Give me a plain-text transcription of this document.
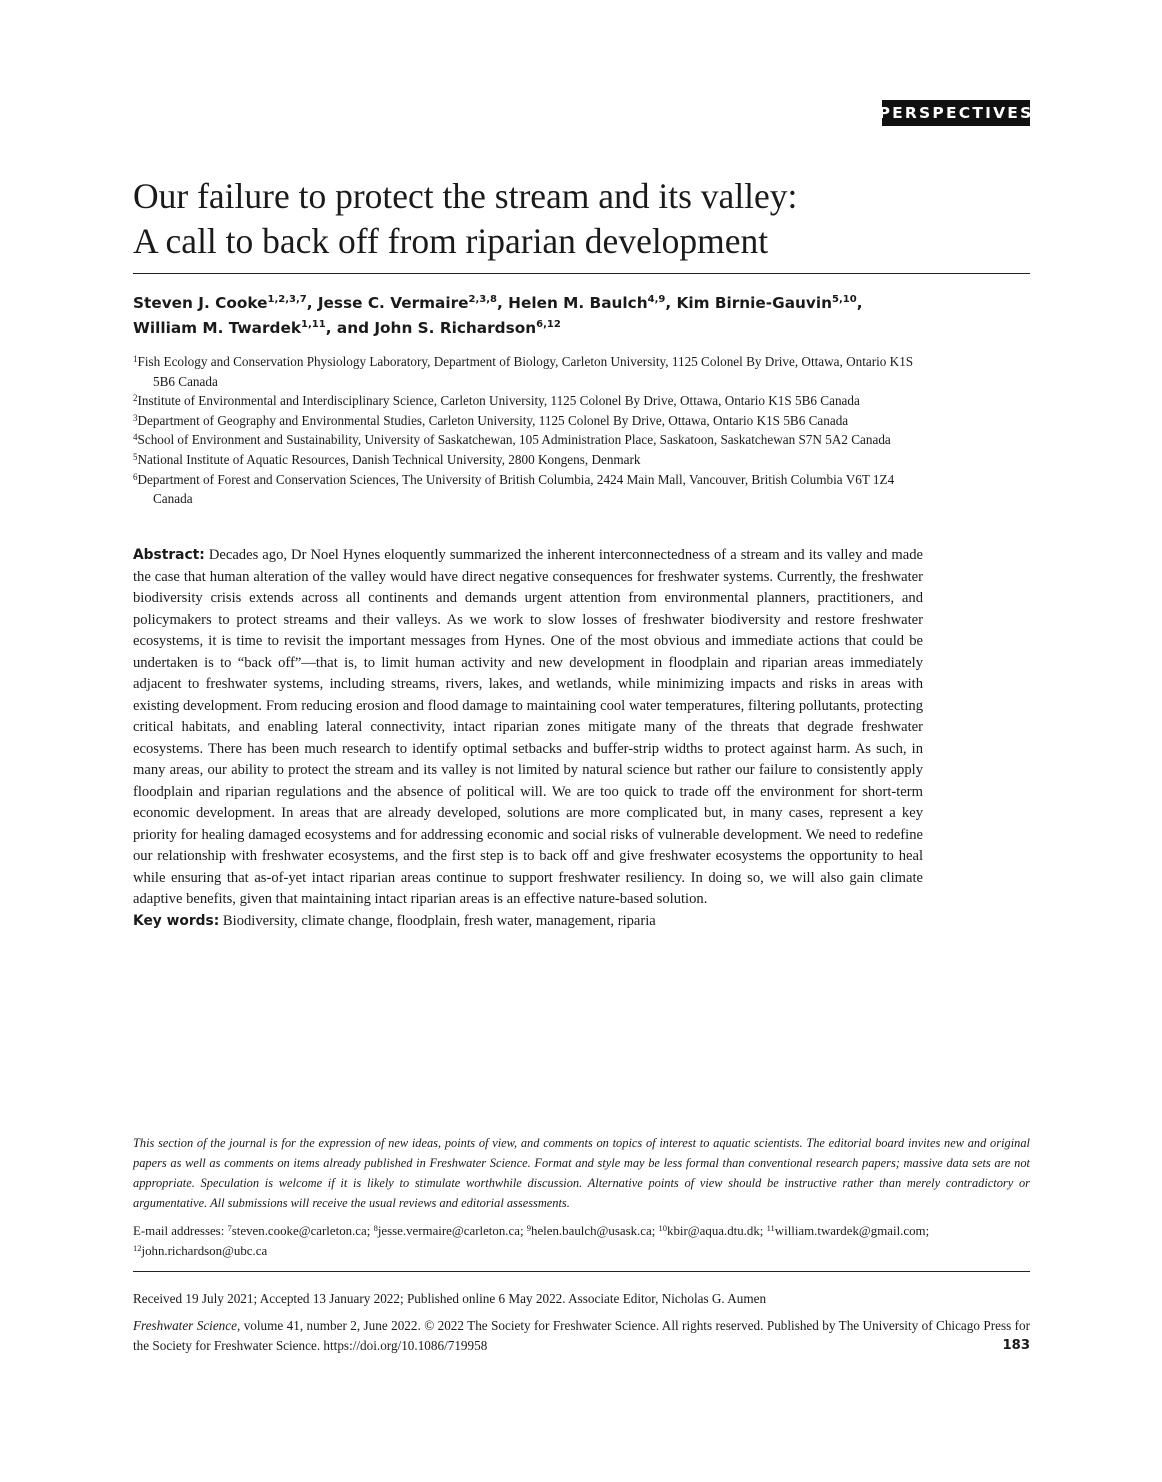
PERSPECTIVES
Our failure to protect the stream and its valley:
A call to back off from riparian development
Steven J. Cooke$^{1,2,3,7}$, Jesse C. Vermaire$^{2,3,8}$, Helen M. Baulch$^{4,9}$, Kim Birnie-Gauvin$^{5,10}$,
William M. Twardek$^{1,11}$, and John S. Richardson$^{6,12}$
$^1$Fish Ecology and Conservation Physiology Laboratory, Department of Biology, Carleton University, 1125 Colonel By Drive, Ottawa, Ontario K1S 5B6 Canada
$^2$Institute of Environmental and Interdisciplinary Science, Carleton University, 1125 Colonel By Drive, Ottawa, Ontario K1S 5B6 Canada
$^3$Department of Geography and Environmental Studies, Carleton University, 1125 Colonel By Drive, Ottawa, Ontario K1S 5B6 Canada
$^4$School of Environment and Sustainability, University of Saskatchewan, 105 Administration Place, Saskatoon, Saskatchewan S7N 5A2 Canada
$^5$National Institute of Aquatic Resources, Danish Technical University, 2800 Kongens, Denmark
$^6$Department of Forest and Conservation Sciences, The University of British Columbia, 2424 Main Mall, Vancouver, British Columbia V6T 1Z4 Canada
Abstract: Decades ago, Dr Noel Hynes eloquently summarized the inherent interconnectedness of a stream and its valley and made the case that human alteration of the valley would have direct negative consequences for freshwater systems. Currently, the freshwater biodiversity crisis extends across all continents and demands urgent attention from environmental planners, practitioners, and policymakers to protect streams and their valleys. As we work to slow losses of freshwater biodiversity and restore freshwater ecosystems, it is time to revisit the important messages from Hynes. One of the most obvious and immediate actions that could be undertaken is to “back off”—that is, to limit human activity and new development in floodplain and riparian areas immediately adjacent to freshwater systems, including streams, rivers, lakes, and wetlands, while minimizing impacts and risks in areas with existing development. From reducing erosion and flood damage to maintaining cool water temperatures, filtering pollutants, protecting critical habitats, and enabling lateral connectivity, intact riparian zones mitigate many of the threats that degrade freshwater ecosystems. There has been much research to identify optimal setbacks and buffer-strip widths to protect against harm. As such, in many areas, our ability to protect the stream and its valley is not limited by natural science but rather our failure to consistently apply floodplain and riparian regulations and the absence of political will. We are too quick to trade off the environment for short-term economic development. In areas that are already developed, solutions are more complicated but, in many cases, represent a key priority for healing damaged ecosystems and for addressing economic and social risks of vulnerable development. We need to redefine our relationship with freshwater ecosystems, and the first step is to back off and give freshwater ecosystems the opportunity to heal while ensuring that as-of-yet intact riparian areas continue to support freshwater resiliency. In doing so, we will also gain climate adaptive benefits, given that maintaining intact riparian areas is an effective nature-based solution.
Key words: Biodiversity, climate change, floodplain, fresh water, management, riparia
This section of the journal is for the expression of new ideas, points of view, and comments on topics of interest to aquatic scientists. The editorial board invites new and original papers as well as comments on items already published in Freshwater Science. Format and style may be less formal than conventional research papers; massive data sets are not appropriate. Speculation is welcome if it is likely to stimulate worthwhile discussion. Alternative points of view should be instructive rather than merely contradictory or argumentative. All submissions will receive the usual reviews and editorial assessments.
E-mail addresses: $^7$steven.cooke@carleton.ca; $^8$jesse.vermaire@carleton.ca; $^9$helen.baulch@usask.ca; $^{10}$kbir@aqua.dtu.dk; $^{11}$william.twardek@gmail.com; $^{12}$john.richardson@ubc.ca
Received 19 July 2021; Accepted 13 January 2022; Published online 6 May 2022. Associate Editor, Nicholas G. Aumen
Freshwater Science, volume 41, number 2, June 2022. © 2022 The Society for Freshwater Science. All rights reserved. Published by The University of Chicago Press for the Society for Freshwater Science. https://doi.org/10.1086/719958	183
